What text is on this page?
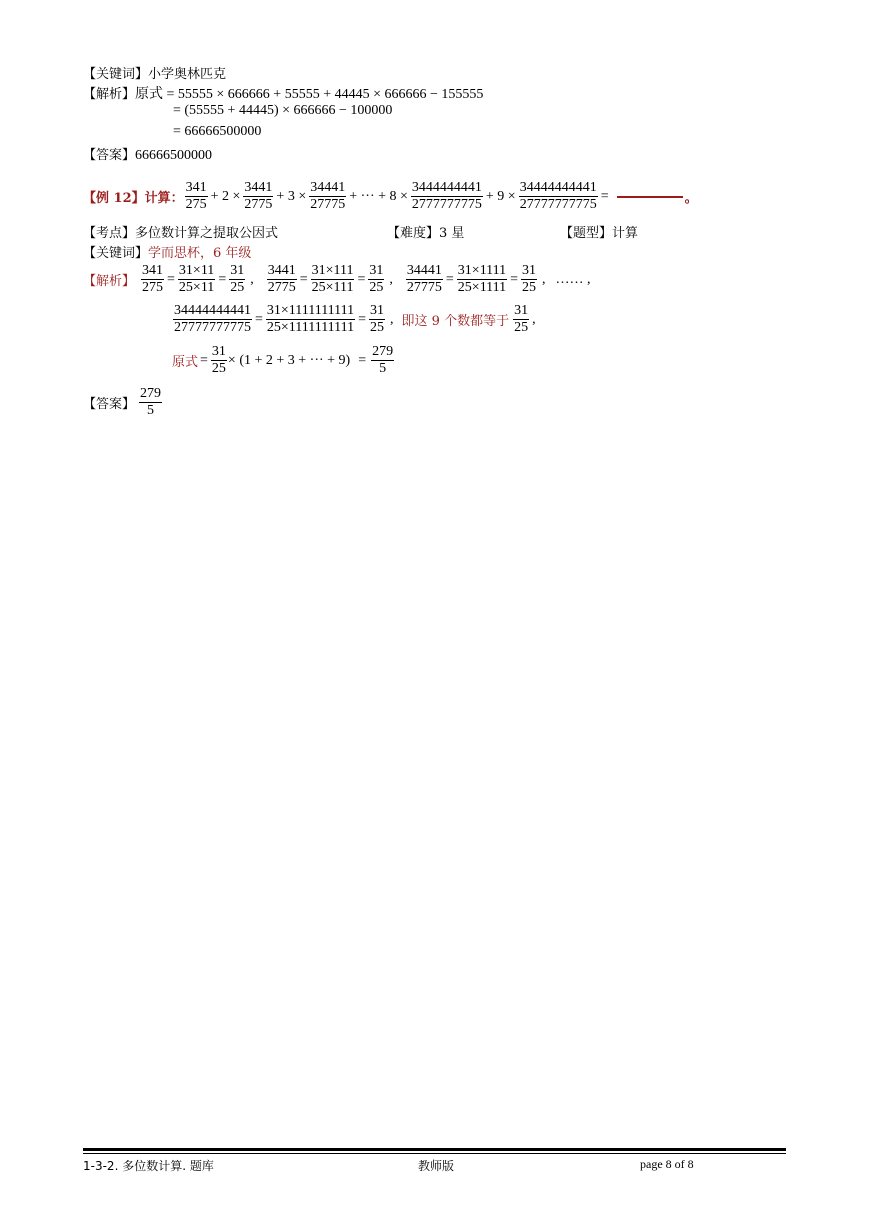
【关键词】小学奥林匹克
【解析】原式 = 55555 × 666666 + 55555 + 44445 × 666666 − 155555
= (55555 + 44445) × 666666 − 100000
= 66666500000
【答案】66666500000
【例 12】计算： $\frac{341}{275} + 2 \times \frac{3441}{2775} + 3 \times \frac{34441}{27775}$ + ··· + $8 \times \frac{3444444441}{2777777775} + 9 \times \frac{34444444441}{27777777775}$ =	。
【考点】多位数计算之提取公因式	【难度】3 星	【题型】计算
【关键词】学而思杯，6 年级
【解析】 $\frac{341}{275} = \frac{31\times 11}{25\times 11} = \frac{31}{25}$ , $\frac{3441}{2775} = \frac{31\times 111}{25\times 111} = \frac{31}{25}$ , $\frac{34441}{27775} = \frac{31\times 1111}{25\times 1111} = \frac{31}{25}$ , …… ,
$\frac{34444444441}{27777777775} = \frac{31\times 1111111111}{25\times 1111111111} = \frac{31}{25}$ , 即这 9 个数都等于 $\frac{31}{25}$ ,
原式 = $\frac{31}{25} \times (1 + 2 + 3$ + ··· + $9) = \frac{279}{5}$
【答案】 $\frac{279}{5}$
1-3-2. 多位数计算. 题库	教师版	page 8 of 8
